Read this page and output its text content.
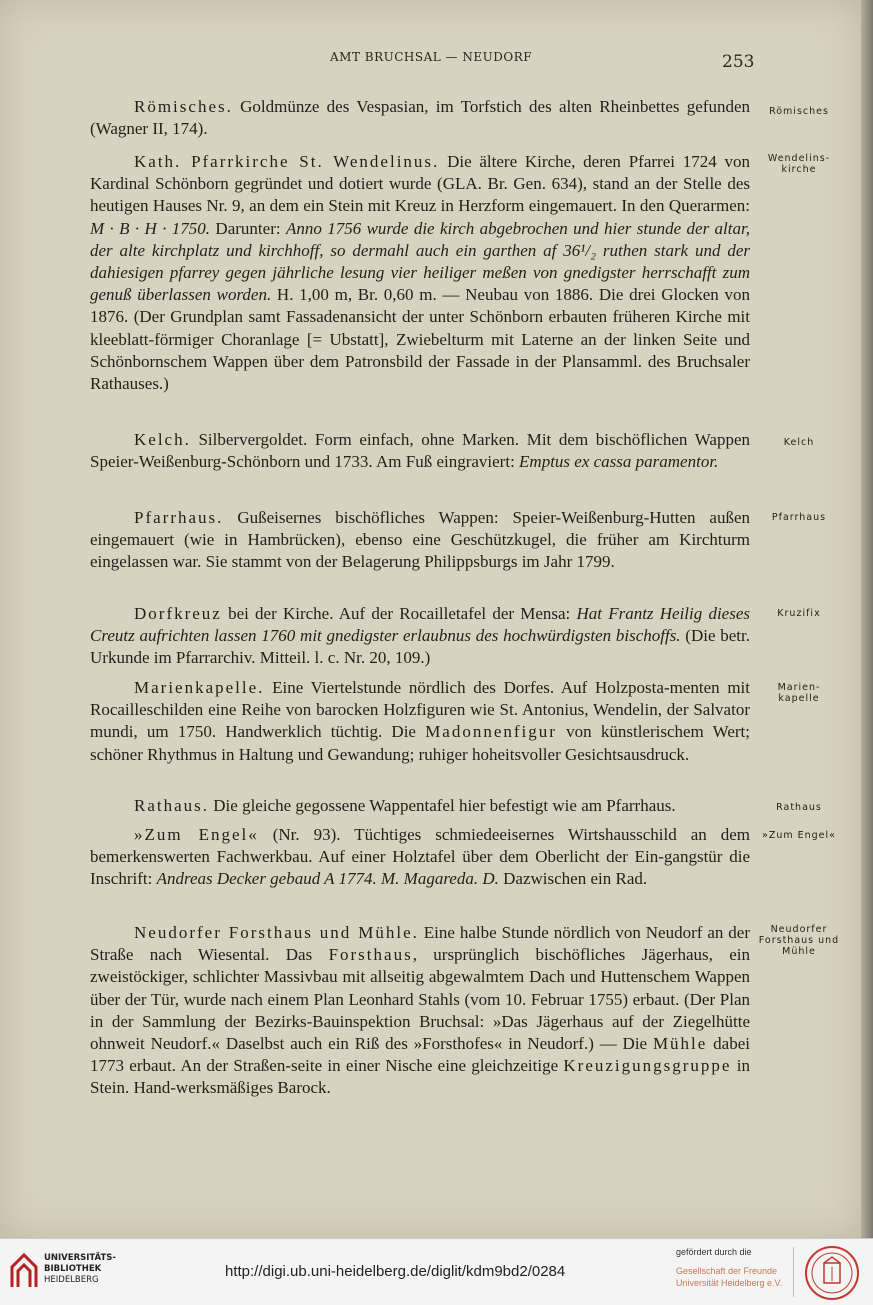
AMT BRUCHSAL — NEUDORF	253

Römisches. Goldmünze des Vespasian, im Torfstich des alten Rheinbettes gefunden (Wagner II, 174).

Römisches

Kath. Pfarrkirche St. Wendelinus. Die ältere Kirche, deren Pfarrei 1724 von Kardinal Schönborn gegründet und dotiert wurde (GLA. Br. Gen. 634), stand an der Stelle des heutigen Hauses Nr. 9, an dem ein Stein mit Kreuz in Herzform eingemauert. In den Querarmen: M · B · H · 1750. Darunter: Anno 1756 wurde die kirch abgebrochen und hier stunde der altar, der alte kirchplatz und kirchhoff, so dermahl auch ein garthen af 36¹/₂ ruthen stark und der dahiesigen pfarrey gegen jährliche lesung vier heiliger meßen von gnedigster herrschafft zum genuß überlassen worden. H. 1,00 m, Br. 0,60 m. — Neubau von 1886. Die drei Glocken von 1876. (Der Grundplan samt Fassadenansicht der unter Schönborn erbauten früheren Kirche mit kleeblatt-förmiger Choranlage [= Ubstatt], Zwiebelturm mit Laterne an der linken Seite und Schönbornschem Wappen über dem Patronsbild der Fassade in der Plansamml. des Bruchsaler Rathauses.)

Wendelins-kirche

Kelch. Silbervergoldet. Form einfach, ohne Marken. Mit dem bischöflichen Wappen Speier-Weißenburg-Schönborn und 1733. Am Fuß eingraviert: Emptus ex cassa paramentor.

Kelch

Pfarrhaus. Gußeisernes bischöfliches Wappen: Speier-Weißenburg-Hutten außen eingemauert (wie in Hambrücken), ebenso eine Geschützkugel, die früher am Kirchturm eingelassen war. Sie stammt von der Belagerung Philippsburgs im Jahr 1799.

Pfarrhaus

Dorfkreuz bei der Kirche. Auf der Rocailletafel der Mensa: Hat Frantz Heilig dieses Creutz aufrichten lassen 1760 mit gnedigster erlaubnus des hochwürdigsten bischoffs. (Die betr. Urkunde im Pfarrarchiv. Mitteil. l. c. Nr. 20, 109.)

Kruzifix

Marienkapelle. Eine Viertelstunde nördlich des Dorfes. Auf Holzposta-menten mit Rocailleschilden eine Reihe von barocken Holzfiguren wie St. Antonius, Wendelin, der Salvator mundi, um 1750. Handwerklich tüchtig. Die Madonnenfigur von künstlerischem Wert; schöner Rhythmus in Haltung und Gewandung; ruhiger hoheitsvoller Gesichtsausdruck.

Marien-kapelle

Rathaus. Die gleiche gegossene Wappentafel hier befestigt wie am Pfarrhaus.	Rathaus

»Zum Engel« (Nr. 93). Tüchtiges schmiedeeisernes Wirtshausschild an dem bemerkenswerten Fachwerkbau. Auf einer Holztafel über dem Oberlicht der Ein-gangstür die Inschrift: Andreas Decker gebaud A 1774. M. Magareda. D. Dazwischen ein Rad.

»Zum Engel«

Neudorfer Forsthaus und Mühle. Eine halbe Stunde nördlich von Neudorf an der Straße nach Wiesental. Das Forsthaus, ursprünglich bischöfliches Jägerhaus, ein zweistöckiger, schlichter Massivbau mit allseitig abgewalmtem Dach und Huttenschem Wappen über der Tür, wurde nach einem Plan Leonhard Stahls (vom 10. Februar 1755) erbaut. (Der Plan in der Sammlung der Bezirks-Bauinspektion Bruchsal: »Das Jägerhaus auf der Ziegelhütte ohnweit Neudorf.« Daselbst auch ein Riß des »Forsthofes« in Neudorf.) — Die Mühle dabei 1773 erbaut. An der Straßen-seite in einer Nische eine gleichzeitige Kreuzigungsgruppe in Stein. Hand-werksmäßiges Barock.

Neudorfer Forsthaus und Mühle
UNIVERSITÄTS-
BIBLIOTHEK
HEIDELBERG	http://digi.ub.uni-heidelberg.de/diglit/kdm9bd2/0284
gefördert durch die
Gesellschaft der Freunde
Universität Heidelberg e.V.
